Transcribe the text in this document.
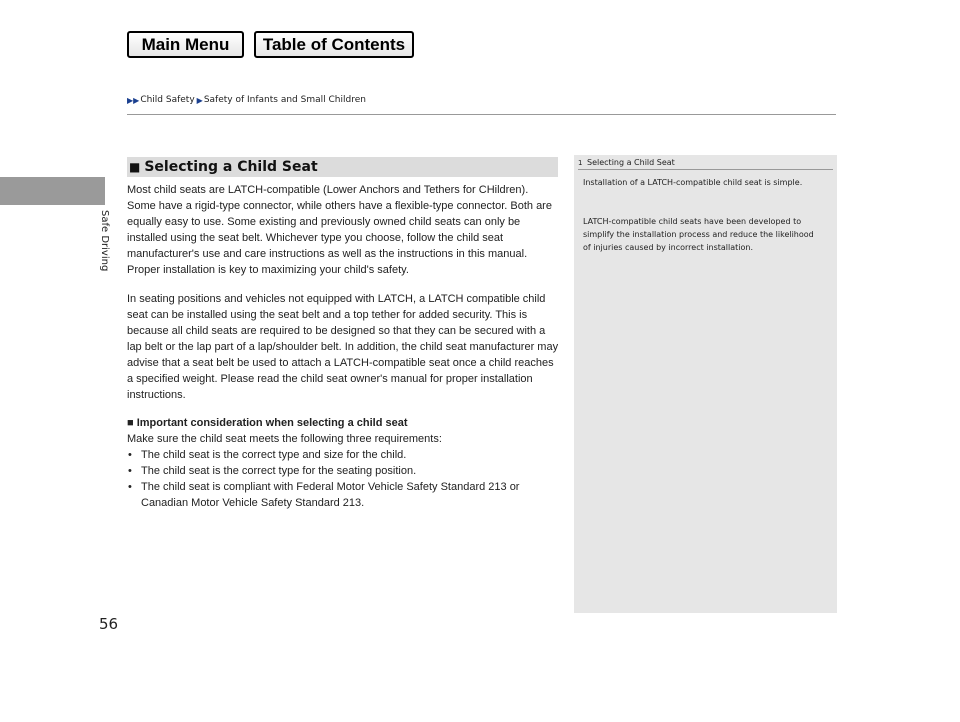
Main Menu	Table of Contents
▶▶ Child Safety ▶ Safety of Infants and Small Children
Safe Driving
56
■ Selecting a Child Seat

Most child seats are LATCH-compatible (Lower Anchors and Tethers for CHildren). Some have a rigid-type connector, while others have a flexible-type connector. Both are equally easy to use. Some existing and previously owned child seats can only be installed using the seat belt. Whichever type you choose, follow the child seat manufacturer's use and care instructions as well as the instructions in this manual. Proper installation is key to maximizing your child's safety.

In seating positions and vehicles not equipped with LATCH, a LATCH compatible child seat can be installed using the seat belt and a top tether for added security. This is because all child seats are required to be designed so that they can be secured with a lap belt or the lap part of a lap/shoulder belt. In addition, the child seat manufacturer may advise that a seat belt be used to attach a LATCH-compatible seat once a child reaches a specified weight. Please read the child seat owner's manual for proper installation instructions.

■ Important consideration when selecting a child seat

Make sure the child seat meets the following three requirements:

• The child seat is the correct type and size for the child.
• The child seat is the correct type for the seating position.
• The child seat is compliant with Federal Motor Vehicle Safety Standard 213 or Canadian Motor Vehicle Safety Standard 213.
1 Selecting a Child Seat

Installation of a LATCH-compatible child seat is simple.

LATCH-compatible child seats have been developed to simplify the installation process and reduce the likelihood of injuries caused by incorrect installation.
